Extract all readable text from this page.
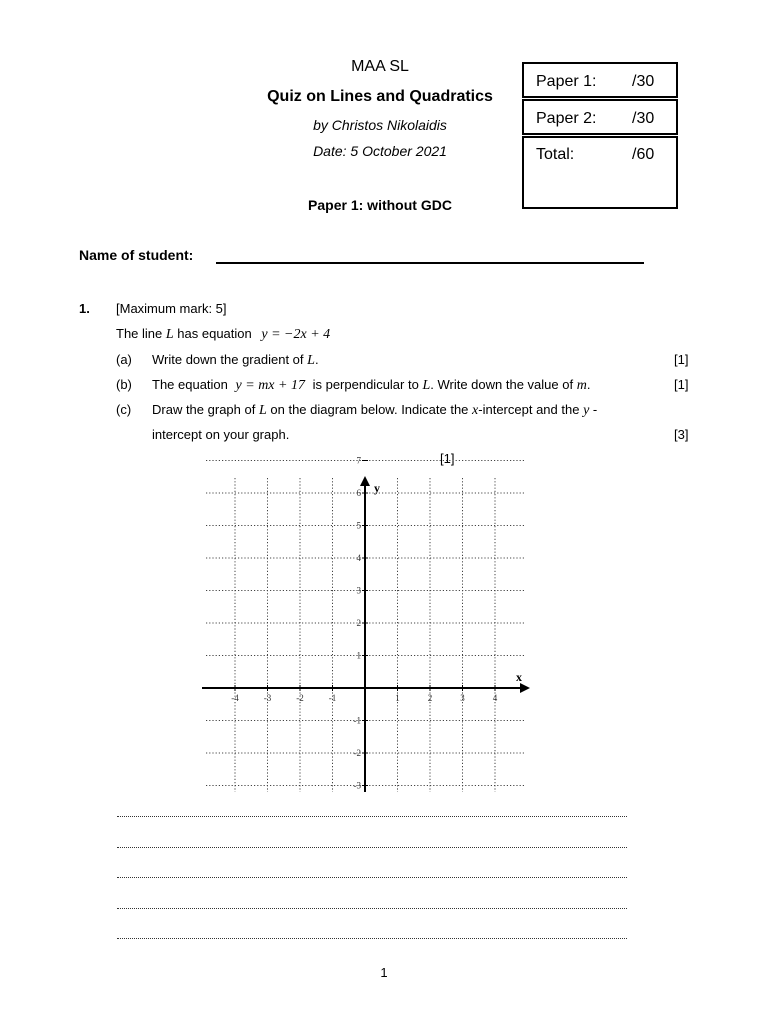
MAA SL
Quiz on Lines and Quadratics
by Christos Nikolaidis
Date: 5 October 2021
Paper 1: without GDC
Paper 1: /30
Paper 2: /30
Total:	/60
Name of student:
1. [Maximum mark: 5]
The line L has equation y = −2x + 4
(a) Write down the gradient of L.	[1]
(b) The equation y = mx + 17 is perpendicular to L. Write down the value of m.	[1]
(c) Draw the graph of L on the diagram below. Indicate the x-intercept and the y -
intercept on your graph.	[3]
[1]
x
y
-4	-3	-2	-1	1	2	3	4
7
6
5
4
3
2
1
-1
-2
-3
1
